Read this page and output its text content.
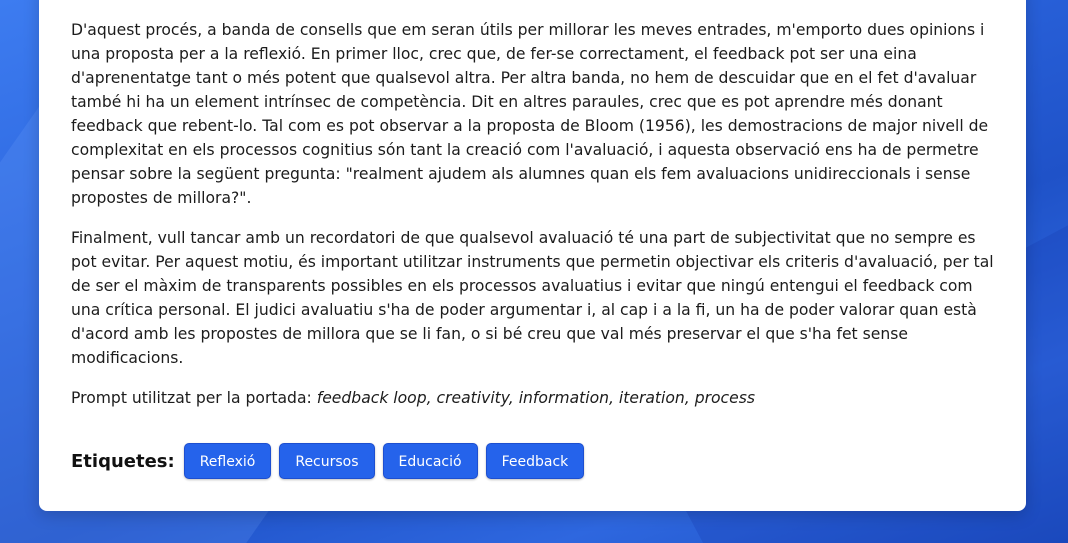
D'aquest procés, a banda de consells que em seran útils per millorar les meves entrades, m'emporto dues opinions i una proposta per a la reflexió. En primer lloc, crec que, de fer-se correctament, el feedback pot ser una eina d'aprenentatge tant o més potent que qualsevol altra. Per altra banda, no hem de descuidar que en el fet d'avaluar també hi ha un element intrínsec de competència. Dit en altres paraules, crec que es pot aprendre més donant feedback que rebent-lo. Tal com es pot observar a la proposta de Bloom (1956), les demostracions de major nivell de complexitat en els processos cognitius són tant la creació com l'avaluació, i aquesta observació ens ha de permetre pensar sobre la següent pregunta: "realment ajudem als alumnes quan els fem avaluacions unidireccionals i sense propostes de millora?".

Finalment, vull tancar amb un recordatori de que qualsevol avaluació té una part de subjectivitat que no sempre es pot evitar. Per aquest motiu, és important utilitzar instruments que permetin objectivar els criteris d'avaluació, per tal de ser el màxim de transparents possibles en els processos avaluatius i evitar que ningú entengui el feedback com una crítica personal. El judici avaluatiu s'ha de poder argumentar i, al cap i a la fi, un ha de poder valorar quan està d'acord amb les propostes de millora que se li fan, o si bé creu que val més preservar el que s'ha fet sense modificacions.

Prompt utilitzat per la portada: feedback loop, creativity, information, iteration, process

Etiquetes:	Reflexió	Recursos	Educació	Feedback
